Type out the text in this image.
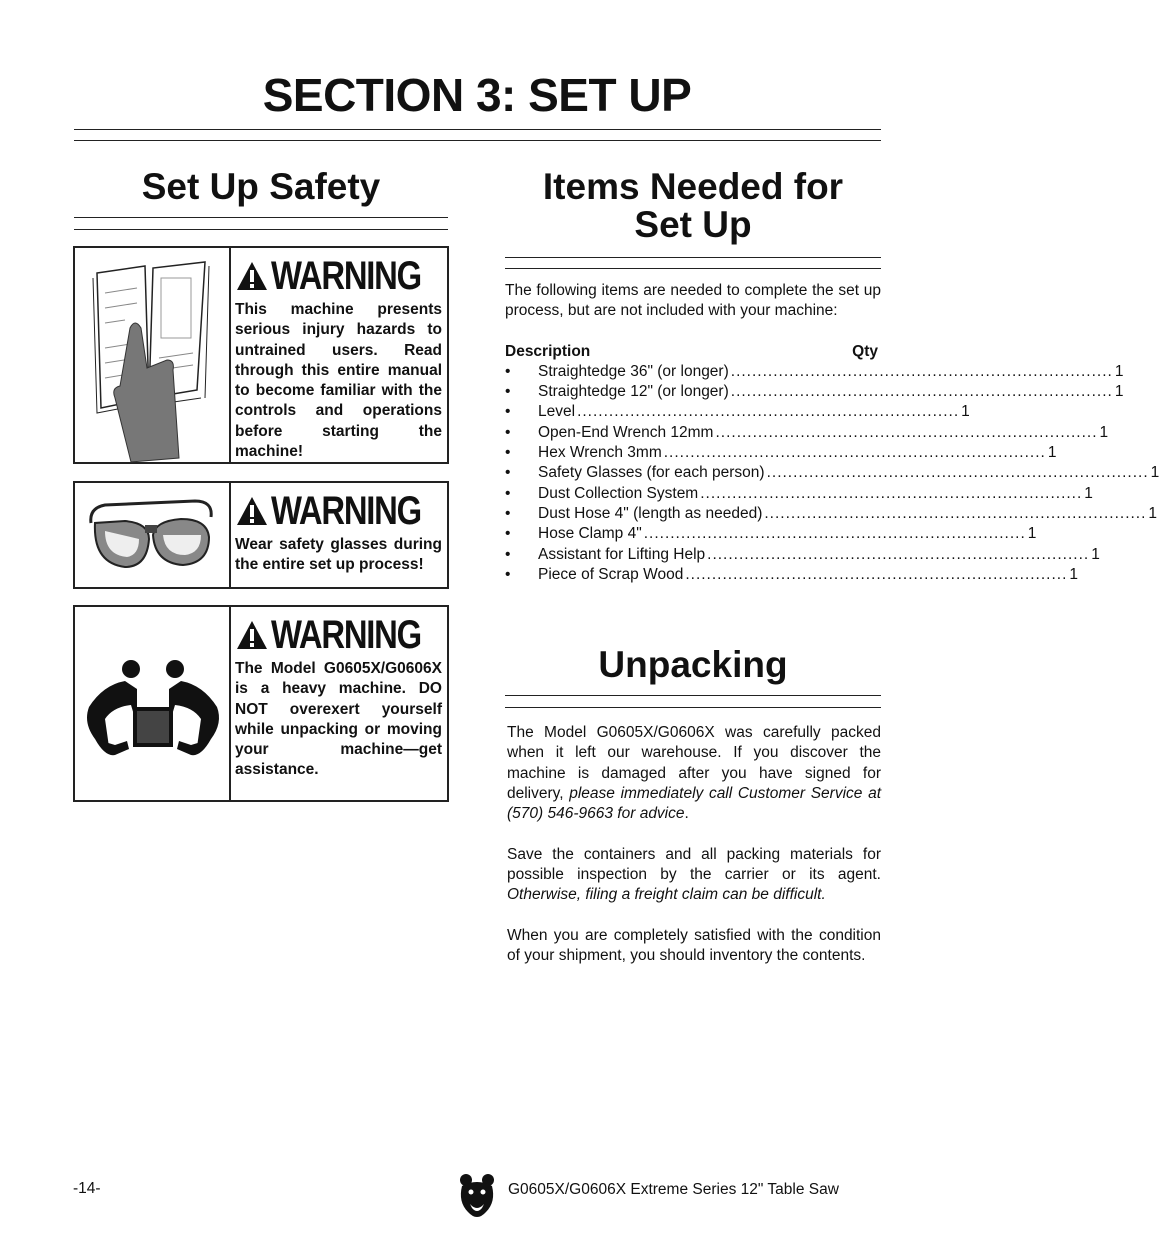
SECTION 3: SET UP
Set Up Safety
WARNING
This machine presents serious injury hazards to untrained users. Read through this entire manual to become familiar with the controls and operations before starting the machine!
WARNING
Wear safety glasses during the entire set up process!
WARNING
The Model G0605X/G0606X is a heavy machine. DO NOT overexert yourself while unpacking or moving your machine—get assistance.
Items Needed for
Set Up

The following items are needed to complete the set up process, but are not included with your machine:

Description	Qty
•	Straightedge 36" (or longer) ........................................................................ 1
•	Straightedge 12" (or longer) ........................................................................ 1
•	Level ........................................................................ 1
•	Open-End Wrench 12mm ........................................................................ 1
•	Hex Wrench 3mm ........................................................................ 1
•	Safety Glasses (for each person) ........................................................................ 1
•	Dust Collection System ........................................................................ 1
•	Dust Hose 4" (length as needed) ........................................................................ 1
•	Hose Clamp 4" ........................................................................ 1
•	Assistant for Lifting Help ........................................................................ 1
•	Piece of Scrap Wood ........................................................................ 1
Unpacking

The Model G0605X/G0606X was carefully packed when it left our warehouse. If you discover the machine is damaged after you have signed for delivery, please immediately call Customer Service at (570) 546-9663 for advice.

Save the containers and all packing materials for possible inspection by the carrier or its agent. Otherwise, filing a freight claim can be difficult.

When you are completely satisfied with the condition of your shipment, you should inventory the contents.

-14-	G0605X/G0606X Extreme Series 12" Table Saw
